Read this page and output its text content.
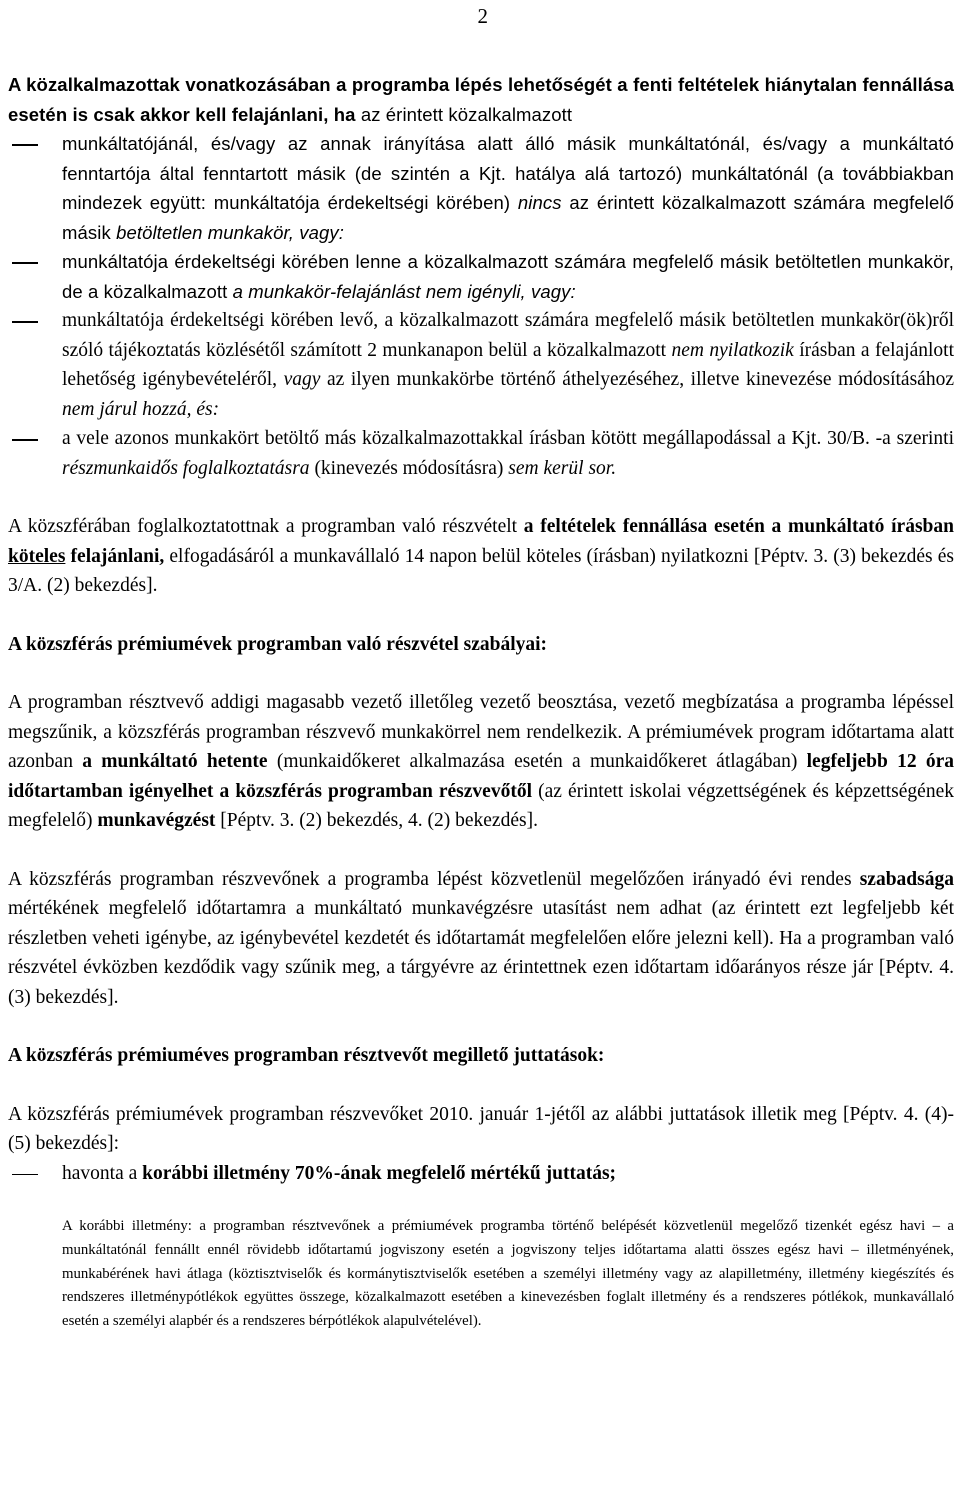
2

A közalkalmazottak vonatkozásában a programba lépés lehetőségét a fenti feltételek hiánytalan fennállása esetén is csak akkor kell felajánlani, ha az érintett közalkalmazott

munkáltatójánál, és/vagy az annak irányítása alatt álló másik munkáltatónál, és/vagy a munkáltató fenntartója által fenntartott másik (de szintén a Kjt. hatálya alá tartozó) munkáltatónál (a továbbiakban mindezek együtt: munkáltatója érdekeltségi körében) nincs az érintett közalkalmazott számára megfelelő másik betöltetlen munkakör, vagy:
munkáltatója érdekeltségi körében lenne a közalkalmazott számára megfelelő másik betöltetlen munkakör, de a közalkalmazott a munkakör-felajánlást nem igényli, vagy:
munkáltatója érdekeltségi körében levő, a közalkalmazott számára megfelelő másik betöltetlen munkakör(ök)ről szóló tájékoztatás közlésétől számított 2 munkanapon belül a közalkalmazott nem nyilatkozik írásban a felajánlott lehetőség igénybevételéről, vagy az ilyen munkakörbe történő áthelyezéséhez, illetve kinevezése módosításához nem járul hozzá, és:
a vele azonos munkakört betöltő más közalkalmazottakkal írásban kötött megállapodással a Kjt. 30/B. -a szerinti részmunkaidős foglalkoztatásra (kinevezés módosításra) sem kerül sor.

A közszférában foglalkoztatottnak a programban való részvételt a feltételek fennállása esetén a munkáltató írásban köteles felajánlani, elfogadásáról a munkavállaló 14 napon belül köteles (írásban) nyilatkozni [Péptv. 3. (3) bekezdés és 3/A. (2) bekezdés].

A közszférás prémiumévek programban való részvétel szabályai:

A programban résztvevő addigi magasabb vezető illetőleg vezető beosztása, vezető megbízatása a programba lépéssel megszűnik, a közszférás programban részvevő munkakörrel nem rendelkezik. A prémiumévek program időtartama alatt azonban a munkáltató hetente (munkaidőkeret alkalmazása esetén a munkaidőkeret átlagában) legfeljebb 12 óra időtartamban igényelhet a közszférás programban részvevőtől (az érintett iskolai végzettségének és képzettségének megfelelő) munkavégzést [Péptv. 3. (2) bekezdés, 4. (2) bekezdés].

A közszférás programban részvevőnek a programba lépést közvetlenül megelőzően irányadó évi rendes szabadsága mértékének megfelelő időtartamra a munkáltató munkavégzésre utasítást nem adhat (az érintett ezt legfeljebb két részletben veheti igénybe, az igénybevétel kezdetét és időtartamát megfelelően előre jelezni kell). Ha a programban való részvétel évközben kezdődik vagy szűnik meg, a tárgyévre az érintettnek ezen időtartam időarányos része jár [Péptv. 4. (3) bekezdés].

A közszférás prémiuméves programban résztvevőt megillető juttatások:

A közszférás prémiumévek programban részvevőket 2010. január 1-jétől az alábbi juttatások illetik meg [Péptv. 4. (4)-(5) bekezdés]:

havonta a korábbi illetmény 70%-ának megfelelő mértékű juttatás;

A korábbi illetmény: a programban résztvevőnek a prémiumévek programba történő belépését közvetlenül megelőző tizenkét egész havi – a munkáltatónál fennállt ennél rövidebb időtartamú jogviszony esetén a jogviszony teljes időtartama alatti összes egész havi – illetményének, munkabérének havi átlaga (köztisztviselők és kormánytisztviselők esetében a személyi illetmény vagy az alapilletmény, illetmény kiegészítés és rendszeres illetménypótlékok együttes összege, közalkalmazott esetében a kinevezésben foglalt illetmény és a rendszeres pótlékok, munkavállaló esetén a személyi alapbér és a rendszeres bérpótlékok alapulvételével).
